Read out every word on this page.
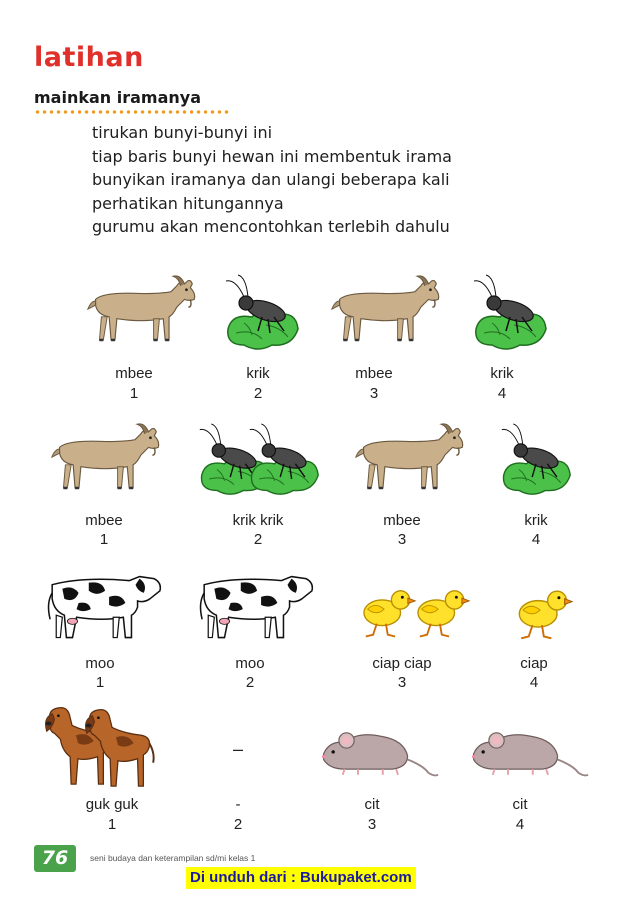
latihan
mainkan iramanya
tirukan bunyi-bunyi ini
tiap baris bunyi hewan ini membentuk irama
bunyikan iramanya dan ulangi beberapa kali
perhatikan hitungannya
gurumu akan mencontohkan terlebih dahulu
mbee
1
krik
2
mbee
3
krik
4
mbee
1
krik krik
2
mbee
3
krik
4
moo
1
moo
2
ciap ciap
3
ciap
4
–
guk guk
1
-
2
cit
3
cit
4
76	seni budaya dan keterampilan sd/mi kelas 1
Di unduh dari : Bukupaket.com
